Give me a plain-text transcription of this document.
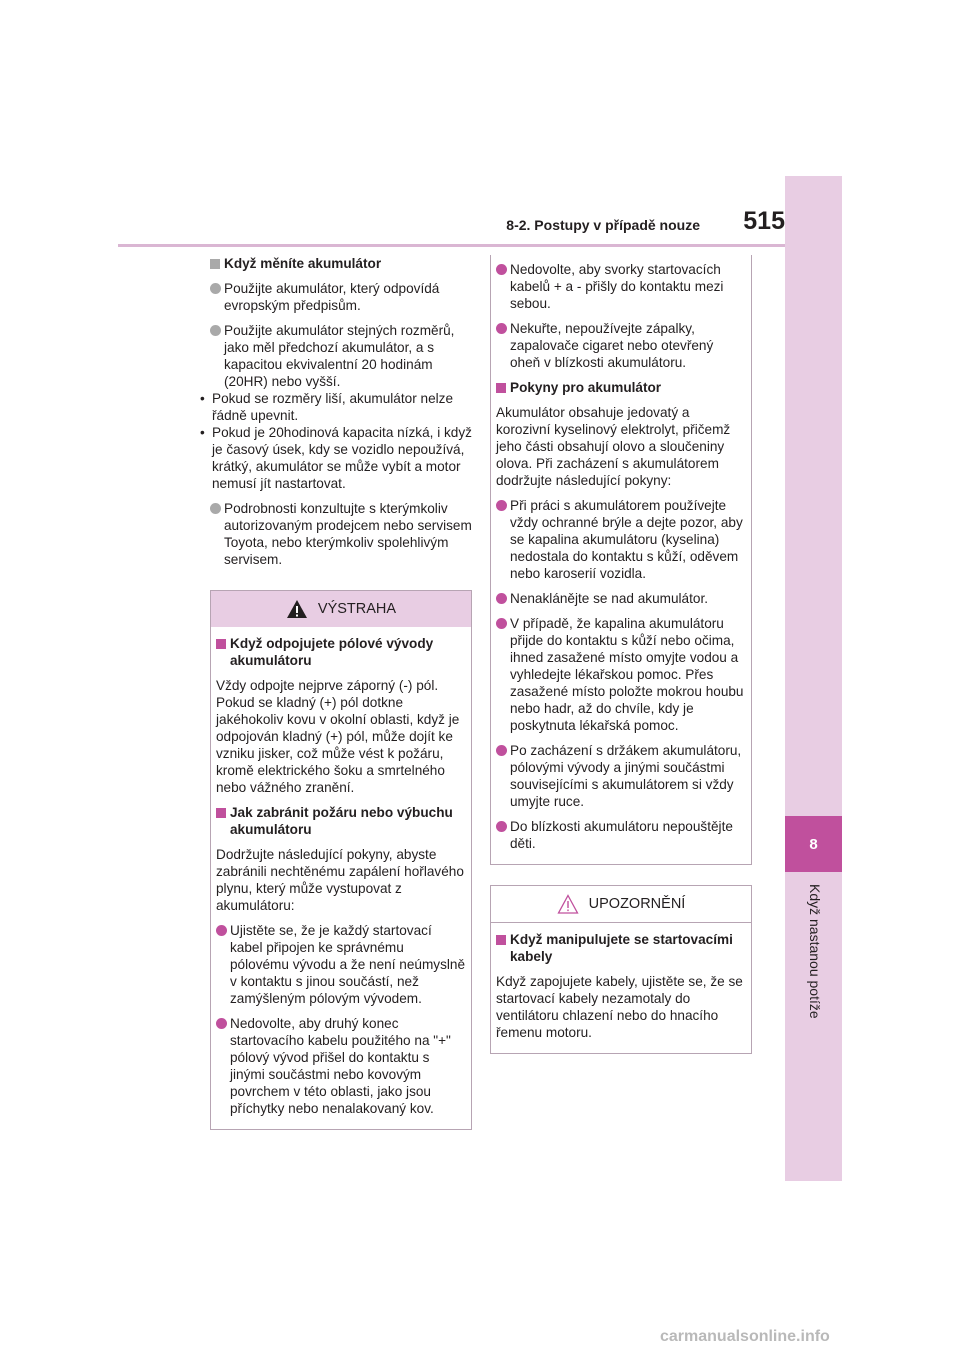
8
Když nastanou potíže
8-2. Postupy v případě nouze	515
Když měníte akumulátor
Použijte akumulátor, který odpovídá evropským předpisům.
Použijte akumulátor stejných rozměrů, jako měl předchozí akumulátor, a s kapacitou ekvivalentní 20 hodinám (20HR) nebo vyšší.
• Pokud se rozměry liší, akumulátor nelze řádně upevnit.
• Pokud je 20hodinová kapacita nízká, i když je časový úsek, kdy se vozidlo nepoužívá, krátký, akumulátor se může vybít a motor nemusí jít nastartovat.
Podrobnosti konzultujte s kterýmkoliv autorizovaným prodejcem nebo servisem Toyota, nebo kterýmkoliv spolehlivým servisem.
VÝSTRAHA
Když odpojujete pólové vývody akumulátoru
Vždy odpojte nejprve záporný (-) pól. Pokud se kladný (+) pól dotkne jakéhokoliv kovu v okolní oblasti, když je odpojován kladný (+) pól, může dojít ke vzniku jisker, což může vést k požáru, kromě elektrického šoku a smrtelného nebo vážného zranění.
Jak zabránit požáru nebo výbuchu akumulátoru
Dodržujte následující pokyny, abyste zabránili nechtěnému zapálení hořlavého plynu, který může vystupovat z akumulátoru:
Ujistěte se, že je každý startovací kabel připojen ke správnému pólovému vývodu a že není neúmyslně v kontaktu s jinou součástí, než zamýšleným pólovým vývodem.
Nedovolte, aby druhý konec startovacího kabelu použitého na "+" pólový vývod přišel do kontaktu s jinými součástmi nebo kovovým povrchem v této oblasti, jako jsou příchytky nebo nenalakovaný kov.
Nedovolte, aby svorky startovacích kabelů + a - přišly do kontaktu mezi sebou.
Nekuřte, nepoužívejte zápalky, zapalovače cigaret nebo otevřený oheň v blízkosti akumulátoru.
Pokyny pro akumulátor
Akumulátor obsahuje jedovatý a korozivní kyselinový elektrolyt, přičemž jeho části obsahují olovo a sloučeniny olova. Při zacházení s akumulátorem dodržujte následující pokyny:
Při práci s akumulátorem používejte vždy ochranné brýle a dejte pozor, aby se kapalina akumulátoru (kyselina) nedostala do kontaktu s kůží, oděvem nebo karoserií vozidla.
Nenaklánějte se nad akumulátor.
V případě, že kapalina akumulátoru přijde do kontaktu s kůží nebo očima, ihned zasažené místo omyjte vodou a vyhledejte lékařskou pomoc. Přes zasažené místo položte mokrou houbu nebo hadr, až do chvíle, kdy je poskytnuta lékařská pomoc.
Po zacházení s držákem akumulátoru, pólovými vývody a jinými součástmi souvisejícími s akumulátorem si vždy umyjte ruce.
Do blízkosti akumulátoru nepouštějte děti.
UPOZORNĚNÍ
Když manipulujete se startovacími kabely
Když zapojujete kabely, ujistěte se, že se startovací kabely nezamotaly do ventilátoru chlazení nebo do hnacího řemenu motoru.
carmanualsonline.info
